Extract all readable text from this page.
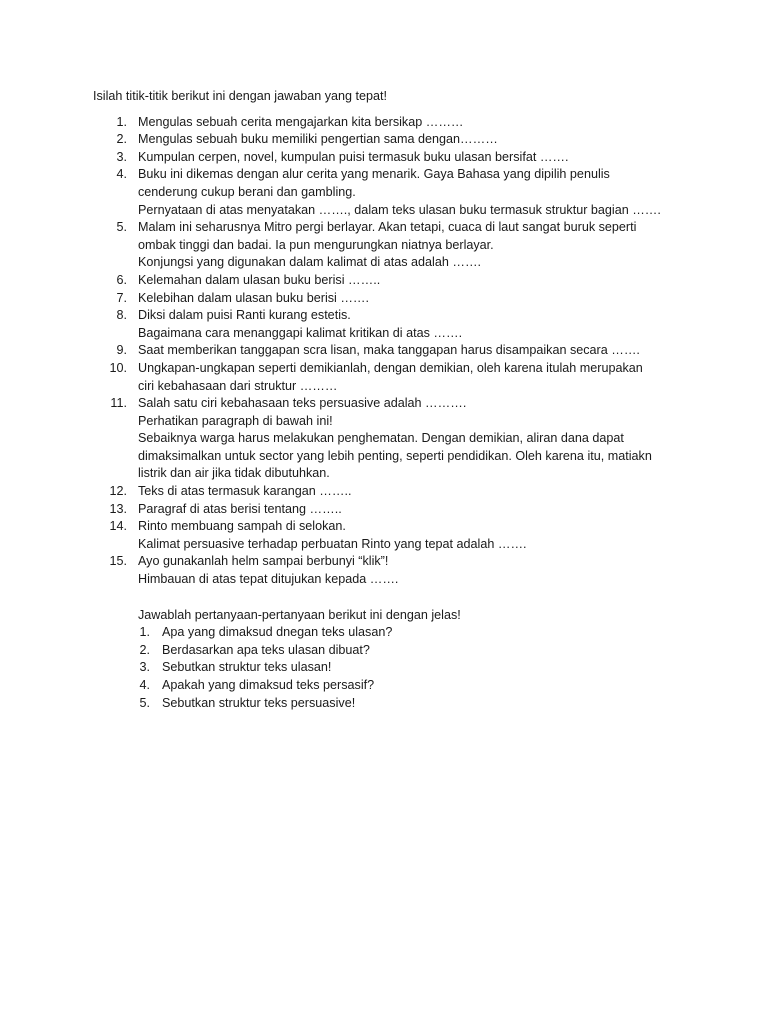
Isilah titik-titik berikut ini dengan jawaban yang tepat!

1. Mengulas sebuah cerita mengajarkan kita bersikap ………
2. Mengulas sebuah buku memiliki pengertian sama dengan………
3. Kumpulan cerpen, novel, kumpulan puisi termasuk buku ulasan bersifat …….
4. Buku ini dikemas dengan alur cerita yang menarik. Gaya Bahasa yang dipilih penulis
cenderung cukup berani dan gambling.
Pernyataan di atas menyatakan ……., dalam teks ulasan buku termasuk struktur bagian …….
5. Malam ini seharusnya Mitro pergi berlayar. Akan tetapi, cuaca di laut sangat buruk seperti
ombak tinggi dan badai. Ia pun mengurungkan niatnya berlayar.
Konjungsi yang digunakan dalam kalimat di atas adalah …….
6. Kelemahan dalam ulasan buku berisi ……..
7. Kelebihan dalam ulasan buku berisi …….
8. Diksi dalam puisi Ranti kurang estetis.
Bagaimana cara menanggapi kalimat kritikan di atas …….
9. Saat memberikan tanggapan scra lisan, maka tanggapan harus disampaikan secara …….
10. Ungkapan-ungkapan seperti demikianlah, dengan demikian, oleh karena itulah merupakan
ciri kebahasaan dari struktur ………
11. Salah satu ciri kebahasaan teks persuasive adalah ……….
Perhatikan paragraph di bawah ini!
Sebaiknya warga harus melakukan penghematan. Dengan demikian, aliran dana dapat
dimaksimalkan untuk sector yang lebih penting, seperti pendidikan. Oleh karena itu, matiakn
listrik dan air jika tidak dibutuhkan.
12. Teks di atas termasuk karangan ……..
13. Paragraf di atas berisi tentang ……..
14. Rinto membuang sampah di selokan.
Kalimat persuasive terhadap perbuatan Rinto yang tepat adalah …….
15. Ayo gunakanlah helm sampai berbunyi “klik”!
Himbauan di atas tepat ditujukan kepada …….

Jawablah pertanyaan-pertanyaan berikut ini dengan jelas!

1. Apa yang dimaksud dnegan teks ulasan?
2. Berdasarkan apa teks ulasan dibuat?
3. Sebutkan struktur teks ulasan!
4. Apakah yang dimaksud teks persasif?
5. Sebutkan struktur teks persuasive!
